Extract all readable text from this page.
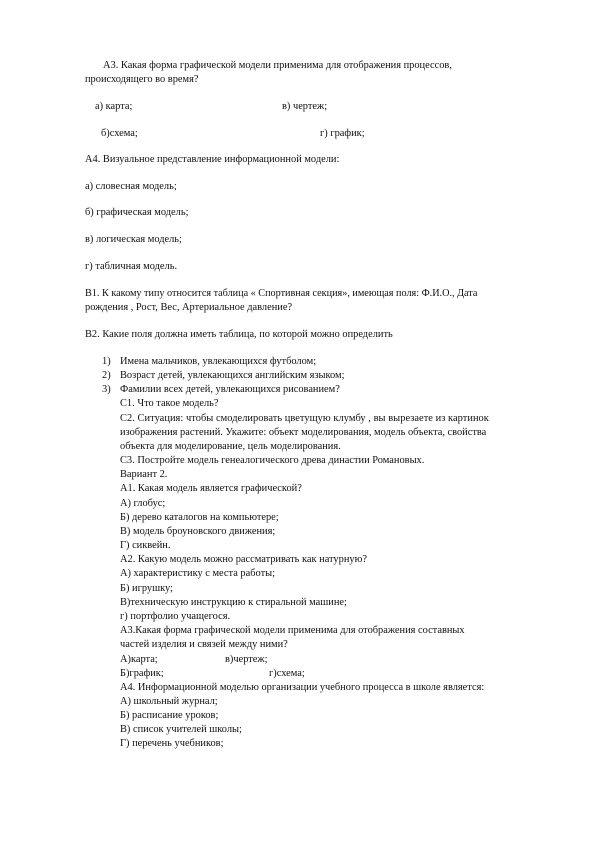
А3. Какая форма графической модели применима для отображения процессов,

происходящего во время?

а) карта;	в) чертеж;

б)схема;	г) график;

А4. Визуальное представление информационной модели:

а) словесная модель;

б) графическая модель;

в) логическая модель;

г) табличная модель.

В1. К какому типу относится таблица « Спортивная секция», имеющая поля: Ф.И.О., Дата

рождения , Рост, Вес, Артериальное давление?

В2. Какие поля должна иметь таблица, по которой можно определить

1) Имена мальчиков, увлекающихся футболом;

2) Возраст детей, увлекающихся английским языком;

3) Фамилии всех детей, увлекающихся рисованием?

С1. Что такое модель?

С2. Ситуация: чтобы смоделировать цветущую клумбу , вы вырезаете из картинок

изображения растений. Укажите: объект моделирования, модель объекта, свойства

объекта для моделирование, цель моделирования.

С3. Постройте модель генеалогического древа династии Романовых.

Вариант 2.

А1. Какая модель является графической?

А) глобус;

Б) дерево каталогов на компьютере;

В) модель броуновского движения;

Г) сиквейн.

А2. Какую модель можно рассматривать как натурную?

А) характеристику с места работы;

Б) игрушку;

В)техническую инструкцию к стиральной машине;

г) портфолио учащегося.

А3.Какая форма графической модели применима для отображения составных

частей изделия и связей между ними?

А)карта;	в)чертеж;

Б)график;	г)схема;

А4. Информационной моделью организации учебного процесса в школе является:

А) школьный журнал;

Б) расписание уроков;

В) список учителей школы;

Г) перечень учебников;
